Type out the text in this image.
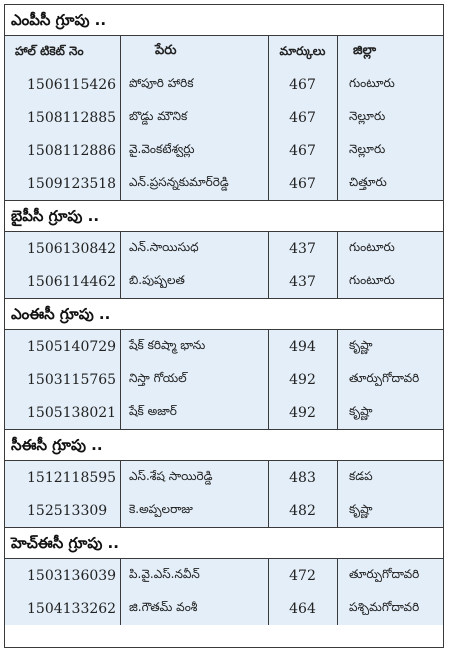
ఎంపీసీ గ్రూపు ..
హాల్ టికెట్ నెం	పేరు	మార్కులు	జిల్లా
1506115426	పోపూరి హారిక	467	గుంటూరు
1508112885	బొడ్డు మౌనిక	467	నెల్లూరు
1508112886	వై.వెంకటేశ్వర్లు	467	నెల్లూరు
1509123518	ఎన్.ప్రసన్నకుమార్‌రెడ్డి	467	చిత్తూరు
బైపీసీ గ్రూపు ..
1506130842	ఎన్.సాయిసుధ	437	గుంటూరు
1506114462	బి.పుష్పలత	437	గుంటూరు
ఎంఈసీ గ్రూపు ..
1505140729	షేక్ కరిష్మా భాను	494	కృష్ణా
1503115765	నిస్తా గోయల్	492	తూర్పుగోదావరి
1505138021	షేక్ అజార్	492	కృష్ణా
సీఈసీ గ్రూపు ..
1512118595	ఎస్.శేష సాయిరెడ్డి	483	కడప
152513309	కె.అప్పలరాజు	482	కృష్ణా
హెచ్ఈసీ గ్రూపు ..
1503136039	పి.వై.ఎస్.నవీన్	472	తూర్పుగోదావరి
1504133262	జి.గౌతమ్ వంశీ	464	పశ్చిమగోదావరి
